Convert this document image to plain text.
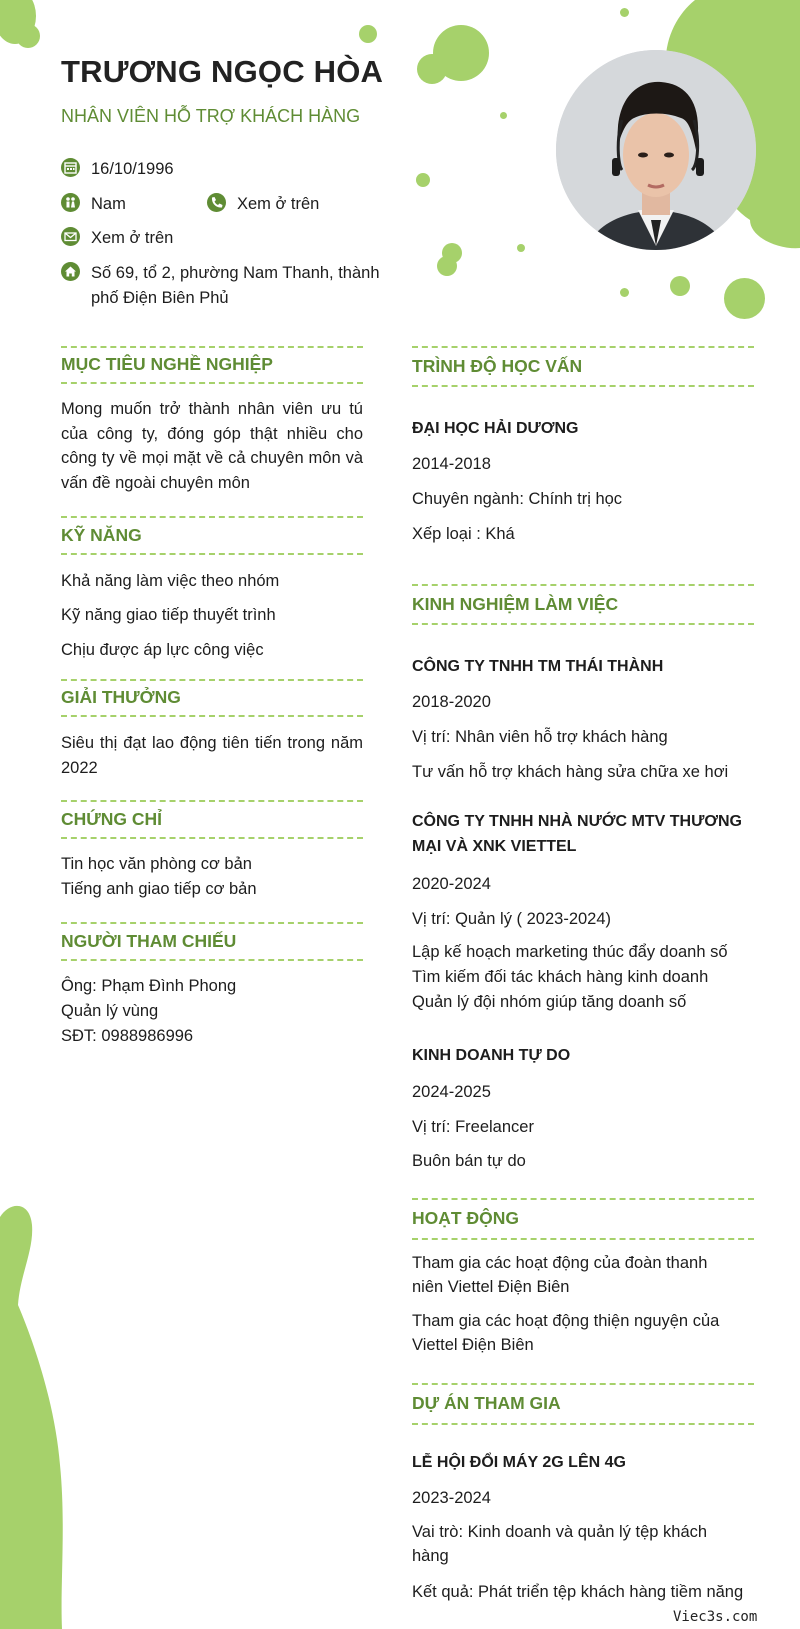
TRƯƠNG NGỌC HÒA
NHÂN VIÊN HỖ TRỢ KHÁCH HÀNG
16/10/1996
Nam	Xem ở trên
Xem ở trên
Số 69, tổ 2, phường Nam Thanh, thành
phố Điện Biên Phủ
MỤC TIÊU NGHỀ NGHIỆP
Mong muốn trở thành nhân viên ưu tú của công ty, đóng góp thật nhiều cho công ty về mọi mặt về cả chuyên môn và vấn đề ngoài chuyên môn
KỸ NĂNG
Khả năng làm việc theo nhóm
Kỹ năng giao tiếp thuyết trình
Chịu được áp lực công việc
GIẢI THƯỞNG
Siêu thị đạt lao động tiên tiến trong năm 2022
CHỨNG CHỈ
Tin học văn phòng cơ bản
Tiếng anh giao tiếp cơ bản
NGƯỜI THAM CHIẾU
Ông: Phạm Đình Phong
Quản lý vùng
SĐT: 0988986996
TRÌNH ĐỘ HỌC VẤN
ĐẠI HỌC HẢI DƯƠNG
2014-2018
Chuyên ngành: Chính trị học
Xếp loại : Khá
KINH NGHIỆM LÀM VIỆC
CÔNG TY TNHH TM THÁI THÀNH
2018-2020
Vị trí: Nhân viên hỗ trợ khách hàng
Tư vấn hỗ trợ khách hàng sửa chữa xe hơi
CÔNG TY TNHH NHÀ NƯỚC MTV THƯƠNG
MẠI VÀ XNK VIETTEL
2020-2024
Vị trí: Quản lý ( 2023-2024)
Lập kế hoạch marketing thúc đẩy doanh số
Tìm kiếm đối tác khách hàng kinh doanh
Quản lý đội nhóm giúp tăng doanh số
KINH DOANH TỰ DO
2024-2025
Vị trí: Freelancer
Buôn bán tự do
HOẠT ĐỘNG
Tham gia các hoạt động của đoàn thanh
niên Viettel Điện Biên
Tham gia các hoạt động thiện nguyện của
Viettel Điện Biên
DỰ ÁN THAM GIA
LỄ HỘI ĐỔI MÁY 2G LÊN 4G
2023-2024
Vai trò: Kinh doanh và quản lý tệp khách
hàng
Kết quả: Phát triển tệp khách hàng tiềm năng
Viec3s.com
